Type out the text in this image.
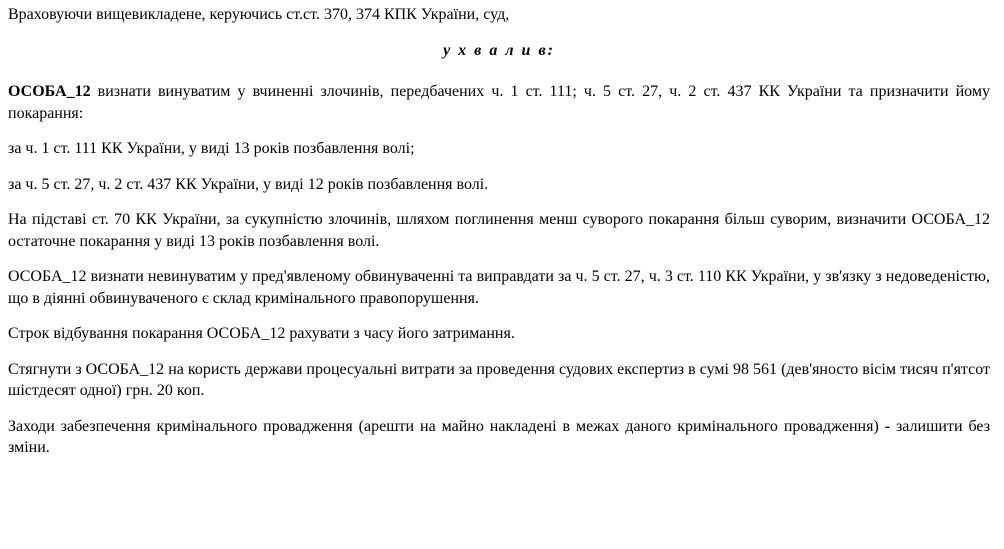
Враховуючи вищевикладене, керуючись ст.ст. 370, 374 КПК України, суд,

у х в а л и в:

ОСОБА_12 визнати винуватим у вчиненні злочинів, передбачених ч. 1 ст. 111; ч. 5 ст. 27, ч. 2 ст. 437 КК України та призначити йому покарання:

за ч. 1 ст. 111 КК України, у виді 13 років позбавлення волі;

за ч. 5 ст. 27, ч. 2 ст. 437 КК України, у виді 12 років позбавлення волі.

На підставі ст. 70 КК України, за сукупністю злочинів, шляхом поглинення менш суворого покарання більш суворим, визначити ОСОБА_12 остаточне покарання у виді 13 років позбавлення волі.

ОСОБА_12 визнати невинуватим у пред'явленому обвинуваченні та виправдати за ч. 5 ст. 27, ч. 3 ст. 110 КК України, у зв'язку з недоведеністю, що в діянні обвинуваченого є склад кримінального правопорушення.

Строк відбування покарання ОСОБА_12 рахувати з часу його затримання.

Стягнути з ОСОБА_12 на користь держави процесуальні витрати за проведення судових експертиз в сумі 98 561 (дев'яносто вісім тисяч п'ятсот шістдесят одної) грн. 20 коп.

Заходи забезпечення кримінального провадження (арешти на майно накладені в межах даного кримінального провадження) - залишити без зміни.
